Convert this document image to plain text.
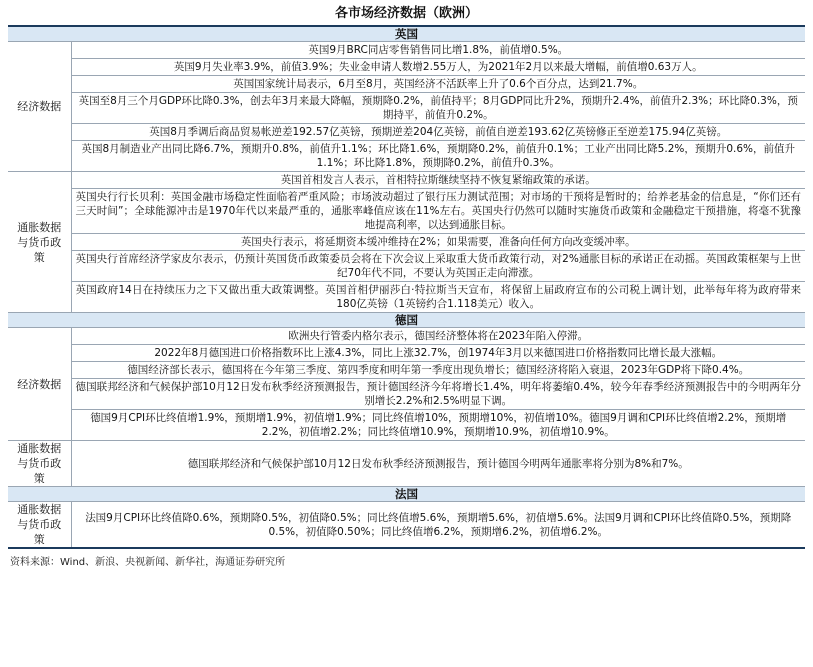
各市场经济数据（欧洲）
英国	
经济数据	英国9月BRC同店零售销售同比增1.8%，前值增0.5%。
	英国9月失业率3.9%，前值3.9%；失业金申请人数增2.55万人，为2021年2月以来最大增幅，前值增0.63万人。
	英国国家统计局表示，6月至8月，英国经济不活跃率上升了0.6个百分点，达到21.7%。
	英国至8月三个月GDP环比降0.3%，创去年3月来最大降幅，预期降0.2%，前值持平；8月GDP同比升2%，预期升2.4%，前值升2.3%；环比降0.3%，预期持平，前值升0.2%。
	英国8月季调后商品贸易帐逆差192.57亿英镑，预期逆差204亿英镑，前值自逆差193.62亿英镑修正至逆差175.94亿英镑。
	英国8月制造业产出同比降6.7%，预期升0.8%，前值升1.1%；环比降1.6%，预期降0.2%，前值升0.1%；工业产出同比降5.2%，预期升0.6%，前值升1.1%；环比降1.8%，预期降0.2%，前值升0.3%。
通胀数据与货币政策	英国首相发言人表示，首相特拉斯继续坚持不恢复紧缩政策的承诺。
	英国央行行长贝利：英国金融市场稳定性面临着严重风险；市场波动超过了银行压力测试范围；对市场的干预将是暂时的；给养老基金的信息是，“你们还有三天时间”；全球能源冲击是1970年代以来最严重的，通胀率峰值应该在11%左右。英国央行仍然可以随时实施货币政策和金融稳定干预措施，将毫不犹豫地提高利率，以达到通胀目标。
	英国央行表示，将延期资本缓冲维持在2%；如果需要，准备向任何方向改变缓冲率。
	英国央行首席经济学家皮尔表示，仍预计英国货币政策委员会将在下次会议上采取重大货币政策行动，对2%通胀目标的承诺正在动摇。英国政策框架与上世纪70年代不同，不要认为英国正走向滞涨。
	英国政府14日在持续压力之下又做出重大政策调整。英国首相伊丽莎白·特拉斯当天宣布，将保留上届政府宣布的公司税上调计划，此举每年将为政府带来180亿英镑（1英镑约合1.118美元）收入。
德国	
经济数据	欧洲央行管委内格尔表示，德国经济整体将在2023年陷入停滞。
	2022年8月德国进口价格指数环比上涨4.3%，同比上涨32.7%，创1974年3月以来德国进口价格指数同比增长最大涨幅。
	德国经济部长表示，德国将在今年第三季度、第四季度和明年第一季度出现负增长；德国经济将陷入衰退，2023年GDP将下降0.4%。
	德国联邦经济和气候保护部10月12日发布秋季经济预测报告，预计德国经济今年将增长1.4%，明年将萎缩0.4%，较今年春季经济预测报告中的今明两年分别增长2.2%和2.5%明显下调。
	德国9月CPI环比终值增1.9%，预期增1.9%，初值增1.9%；同比终值增10%，预期增10%，初值增10%。德国9月调和CPI环比终值增2.2%，预期增2.2%，初值增2.2%；同比终值增10.9%，预期增10.9%，初值增10.9%。
通胀数据与货币政策	德国联邦经济和气候保护部10月12日发布秋季经济预测报告，预计德国今明两年通胀率将分别为8%和7%。
法国	
通胀数据与货币政策	法国9月CPI环比终值降0.6%，预期降0.5%，初值降0.5%；同比终值增5.6%，预期增5.6%，初值增5.6%。法国9月调和CPI环比终值降0.5%，预期降0.5%，初值降0.50%；同比终值增6.2%，预期增6.2%，初值增6.2%。
资料来源：Wind、新浪、央视新闻、新华社，海通证券研究所
